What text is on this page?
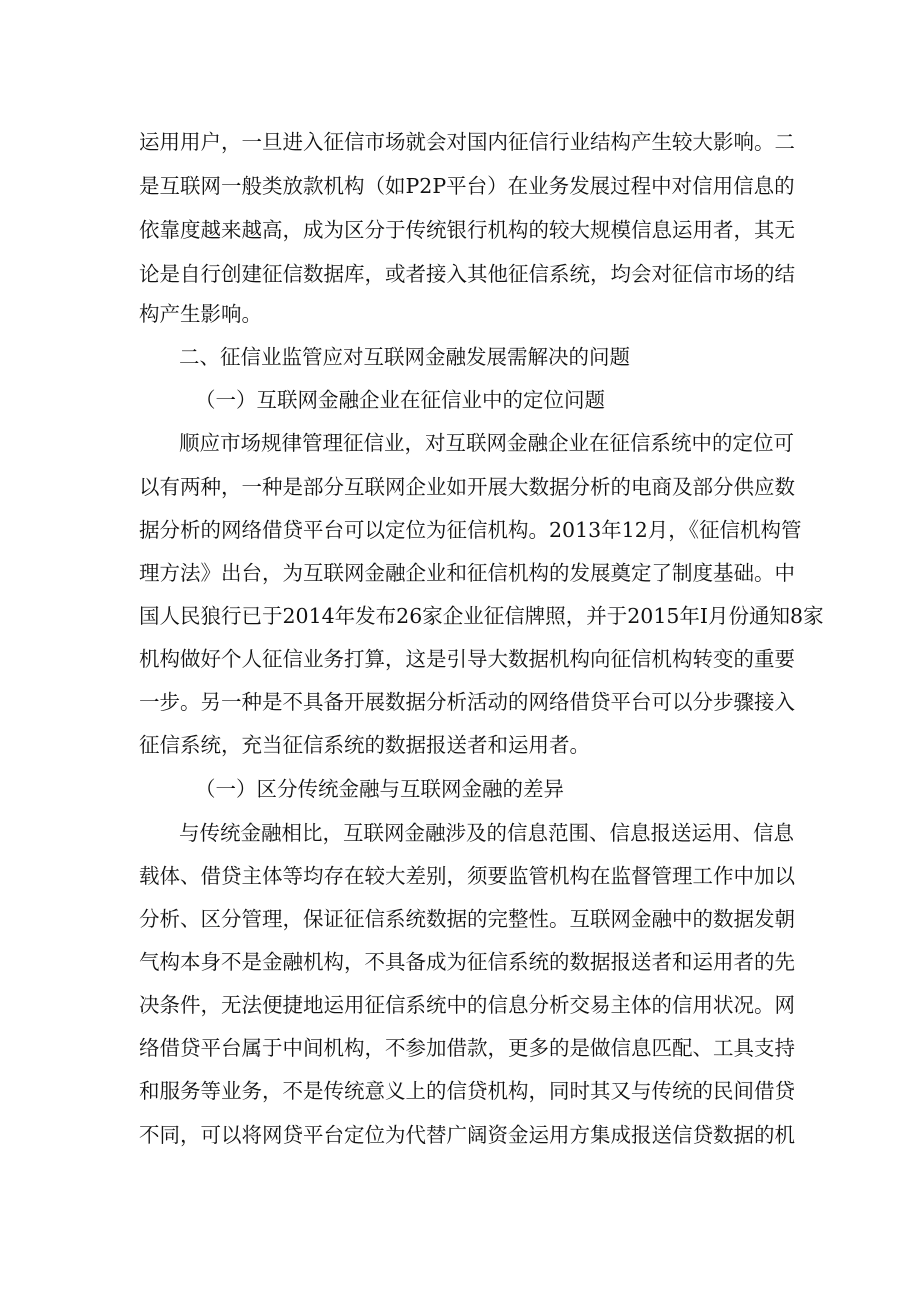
运用用户，一旦进入征信市场就会对国内征信行业结构产生较大影响。二
是互联网一般类放款机构（如P2P平台）在业务发展过程中对信用信息的
依靠度越来越高，成为区分于传统银行机构的较大规模信息运用者，其无
论是自行创建征信数据库，或者接入其他征信系统，均会对征信市场的结
构产生影响。
二、征信业监管应对互联网金融发展需解决的问题
（一）互联网金融企业在征信业中的定位问题
顺应市场规律管理征信业，对互联网金融企业在征信系统中的定位可
以有两种，一种是部分互联网企业如开展大数据分析的电商及部分供应数
据分析的网络借贷平台可以定位为征信机构。2013年12月，《征信机构管
理方法》出台，为互联网金融企业和征信机构的发展奠定了制度基础。中
国人民狼行已于2014年发布26家企业征信牌照，并于2015年I月份通知8家
机构做好个人征信业务打算，这是引导大数据机构向征信机构转变的重要
一步。另一种是不具备开展数据分析活动的网络借贷平台可以分步骤接入
征信系统，充当征信系统的数据报送者和运用者。
（一）区分传统金融与互联网金融的差异
与传统金融相比，互联网金融涉及的信息范围、信息报送运用、信息
载体、借贷主体等均存在较大差别，须要监管机构在监督管理工作中加以
分析、区分管理，保证征信系统数据的完整性。互联网金融中的数据发朝
气构本身不是金融机构，不具备成为征信系统的数据报送者和运用者的先
决条件，无法便捷地运用征信系统中的信息分析交易主体的信用状况。网
络借贷平台属于中间机构，不参加借款，更多的是做信息匹配、工具支持
和服务等业务，不是传统意义上的信贷机构，同时其又与传统的民间借贷
不同，可以将网贷平台定位为代替广阔资金运用方集成报送信贷数据的机
